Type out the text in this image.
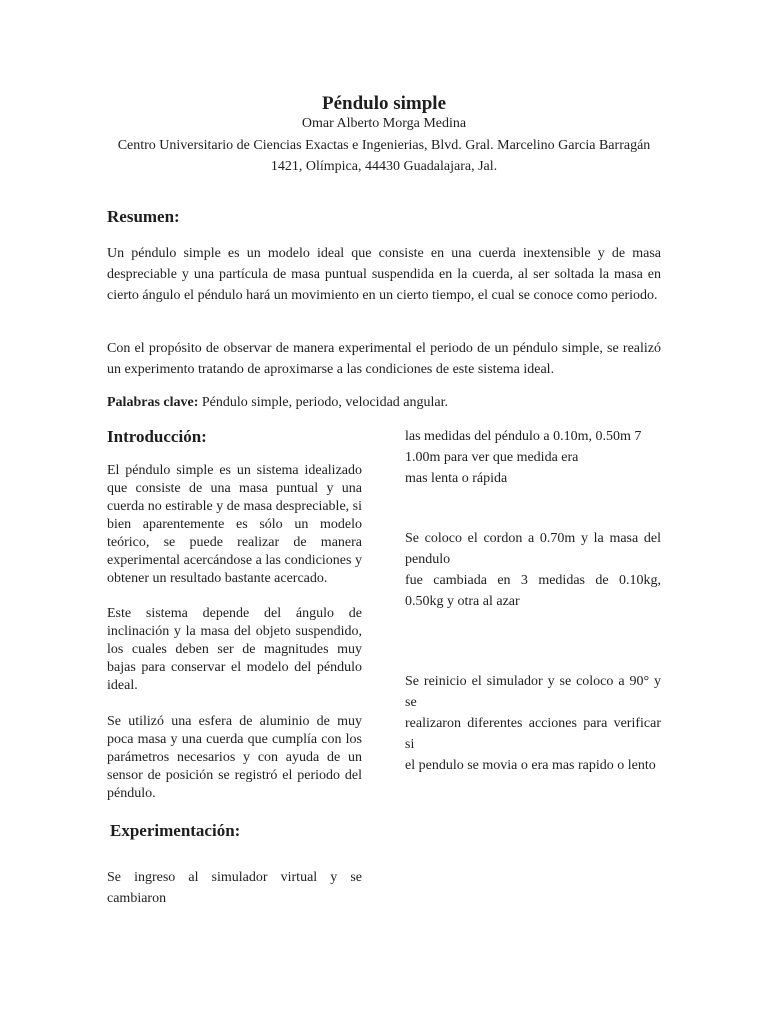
Péndulo simple

Omar Alberto Morga Medina

Centro Universitario de Ciencias Exactas e Ingenierias, Blvd. Gral. Marcelino Garcia Barragán
1421, Olímpica, 44430 Guadalajara, Jal.
Resumen:

Un péndulo simple es un modelo ideal que consiste en una cuerda inextensible y de masa despreciable y una partícula de masa puntual suspendida en la cuerda, al ser soltada la masa en cierto ángulo el péndulo hará un movimiento en un cierto tiempo, el cual se conoce como periodo.

Con el propósito de observar de manera experimental el periodo de un péndulo simple, se realizó un experimento tratando de aproximarse a las condiciones de este sistema ideal.

Palabras clave: Péndulo simple, periodo, velocidad angular.

Introducción:

El péndulo simple es un sistema idealizado que consiste de una masa puntual y una cuerda no estirable y de masa despreciable, si bien aparentemente es sólo un modelo teórico, se puede realizar de manera experimental acercándose a las condiciones y obtener un resultado bastante acercado.

Este sistema depende del ángulo de inclinación y la masa del objeto suspendido, los cuales deben ser de magnitudes muy bajas para conservar el modelo del péndulo ideal.

Se utilizó una esfera de aluminio de muy poca masa y una cuerda que cumplía con los parámetros necesarios y con ayuda de un sensor de posición se registró el periodo del péndulo.

Experimentación:

Se ingreso al simulador virtual y se cambiaron

las medidas del péndulo a 0.10m, 0.50m 7
1.00m para ver que medida era
mas lenta o rápida
Se coloco el cordon a 0.70m y la masa del pendulo
fue cambiada en 3 medidas de 0.10kg, 0.50kg y otra al azar
Se reinicio el simulador y se coloco a 90° y se
realizaron diferentes acciones para verificar si
el pendulo se movia o era mas rapido o lento
